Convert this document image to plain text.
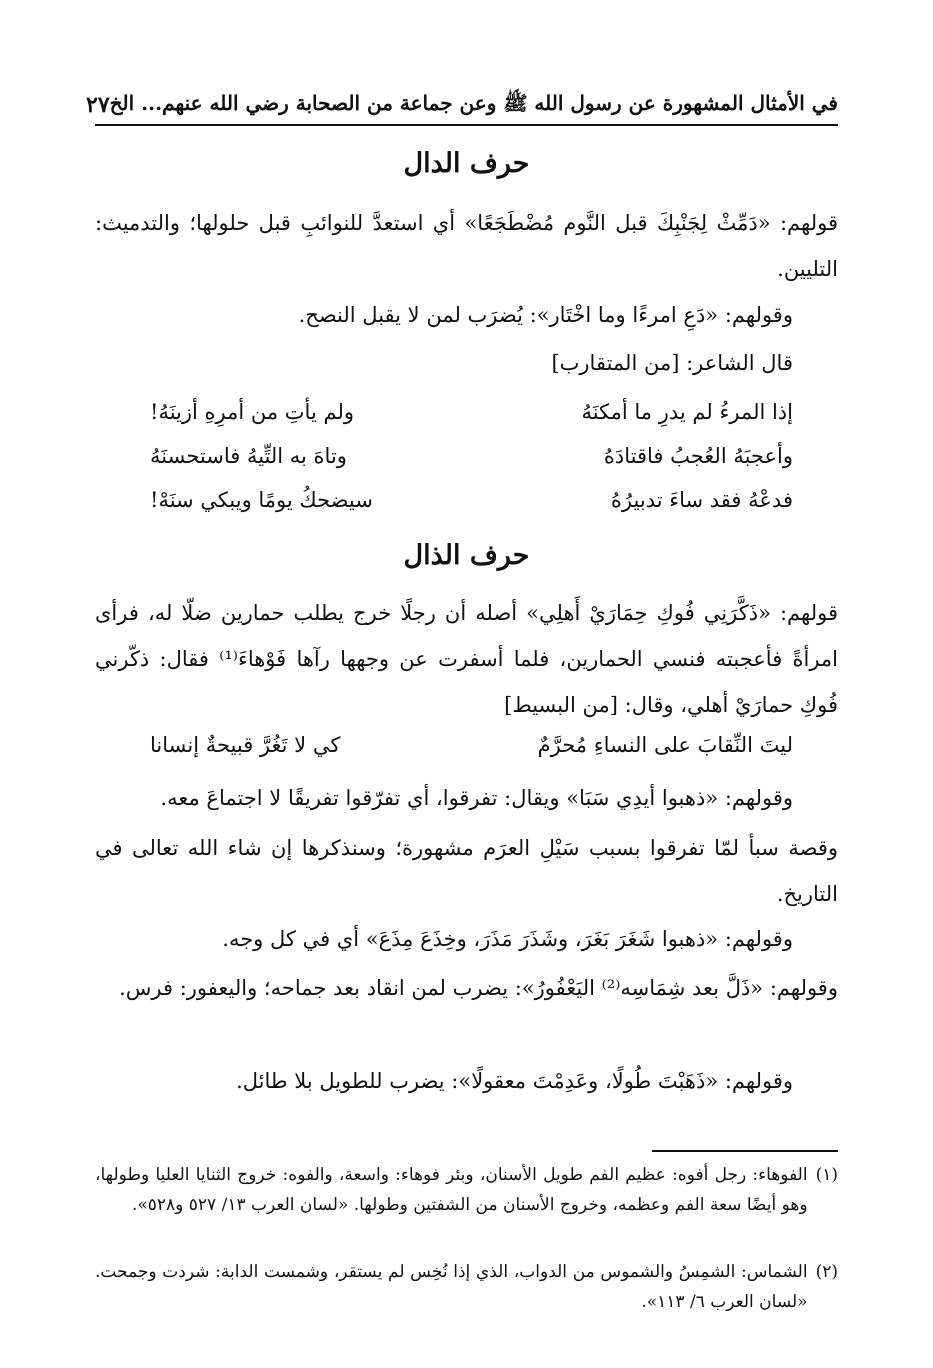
في الأمثال المشهورة عن رسول الله ﷺ وعن جماعة من الصحابة رضي الله عنهم... الخ
٢٧
حرف الدال
قولهم: «دَمِّثْ لِجَنْبِكَ قبل النَّوم مُضْطَجَعًا» أي استعدَّ للنوائبِ قبل حلولها؛ والتدميث: التليين.
وقولهم: «دَعِ امرءًا وما اخْتَار»: يُضرَب لمن لا يقبل النصح.
قال الشاعر: [من المتقارب]
إذا المرءُ لم يدرِ ما أمكنَهُ
ولم يأتِ من أمرِهِ أزينَهُ!
وأعجبَهُ العُجبُ فاقتادَهُ
وتاهَ به التِّيهُ فاستحسنَهُ
فدعْهُ فقد ساءَ تدبيرُهُ
سيضحكُ يومًا ويبكي سنَهْ!
حرف الذال
قولهم: «ذَكَّرَنِي فُوكِ حِمَارَيْ أَهلِي» أصله أن رجلًا خرج يطلب حمارين ضلّا له، فرأى امرأةً فأعجبته فنسي الحمارين، فلما أسفرت عن وجهها رآها فَوْهاءَ⁽¹⁾ فقال: ذكّرني فُوكِ حمارَيْ أهلي، وقال: [من البسيط]
ليتَ النِّقابَ على النساءِ مُحرَّمٌ
كي لا تَغُرَّ قبيحةٌ إنسانا
وقولهم: «ذهبوا أيدِي سَبَا» ويقال: تفرقوا، أي تفرّقوا تفريقًا لا اجتماعَ معه.
وقصة سبأ لمّا تفرقوا بسبب سَيْلِ العرَم مشهورة؛ وسنذكرها إن شاء الله تعالى في التاريخ.
وقولهم: «ذهبوا شَغَرَ بَغَرَ، وشَذَرَ مَذَرَ، وخِذَعَ مِذَعَ» أي في كل وجه.
وقولهم: «ذَلَّ بعد شِمَاسِه⁽²⁾ اليَعْفُورُ»: يضرب لمن انقاد بعد جماحه؛ واليعفور: فرس.
وقولهم: «ذَهَبْتَ طُولًا، وعَدِمْتَ معقولًا»: يضرب للطويل بلا طائل.
(١)
الفوهاء: رجل أفوه: عظيم الفم طويل الأسنان، وبئر فوهاء: واسعة، والفوه: خروج الثنايا العليا وطولها، وهو أيضًا سعة الفم وعظمه، وخروج الأسنان من الشفتين وطولها. «لسان العرب ١٣/ ٥٢٧ و٥٢٨».
(٢)
الشماس: الشمِسُ والشموس من الدواب، الذي إذا نُخِس لم يستقر، وشمست الدابة: شردت وجمحت. «لسان العرب ٦/ ١١٣».
